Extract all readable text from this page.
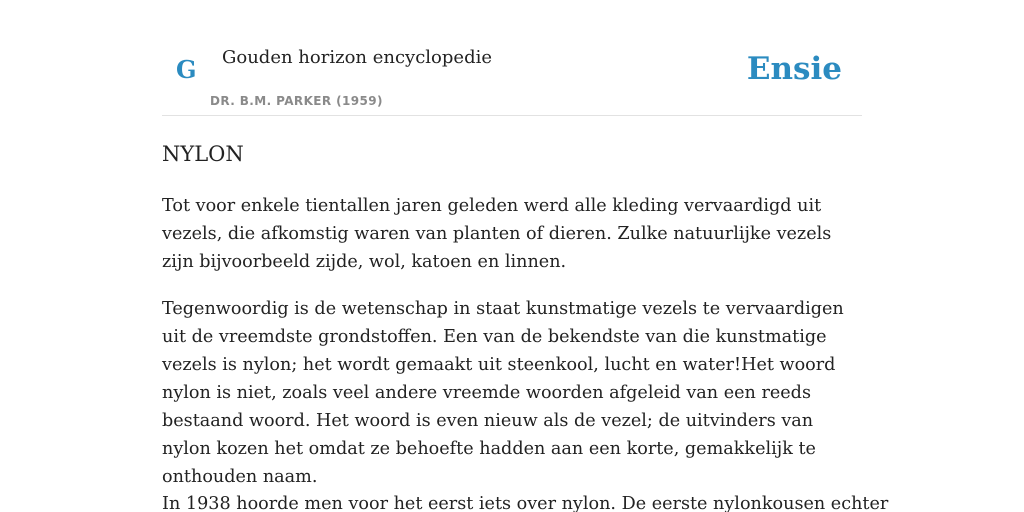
G Gouden horizon encyclopedie
DR. B.M. PARKER (1959)
Ensie
NYLON

Tot voor enkele tientallen jaren geleden werd alle kleding vervaardigd uit vezels, die afkomstig waren van planten of dieren. Zulke natuurlijke vezels zijn bijvoorbeeld zijde, wol, katoen en linnen.

Tegenwoordig is de wetenschap in staat kunstmatige vezels te vervaardigen uit de vreemdste grondstoffen. Een van de bekendste van die kunstmatige vezels is nylon; het wordt gemaakt uit steenkool, lucht en water!Het woord nylon is niet, zoals veel andere vreemde woorden afgeleid van een reeds bestaand woord. Het woord is even nieuw als de vezel; de uitvinders van nylon kozen het omdat ze behoefte hadden aan een korte, gemakkelijk te onthouden naam.

In 1938 hoorde men voor het eerst iets over nylon. De eerste nylonkousen echter
